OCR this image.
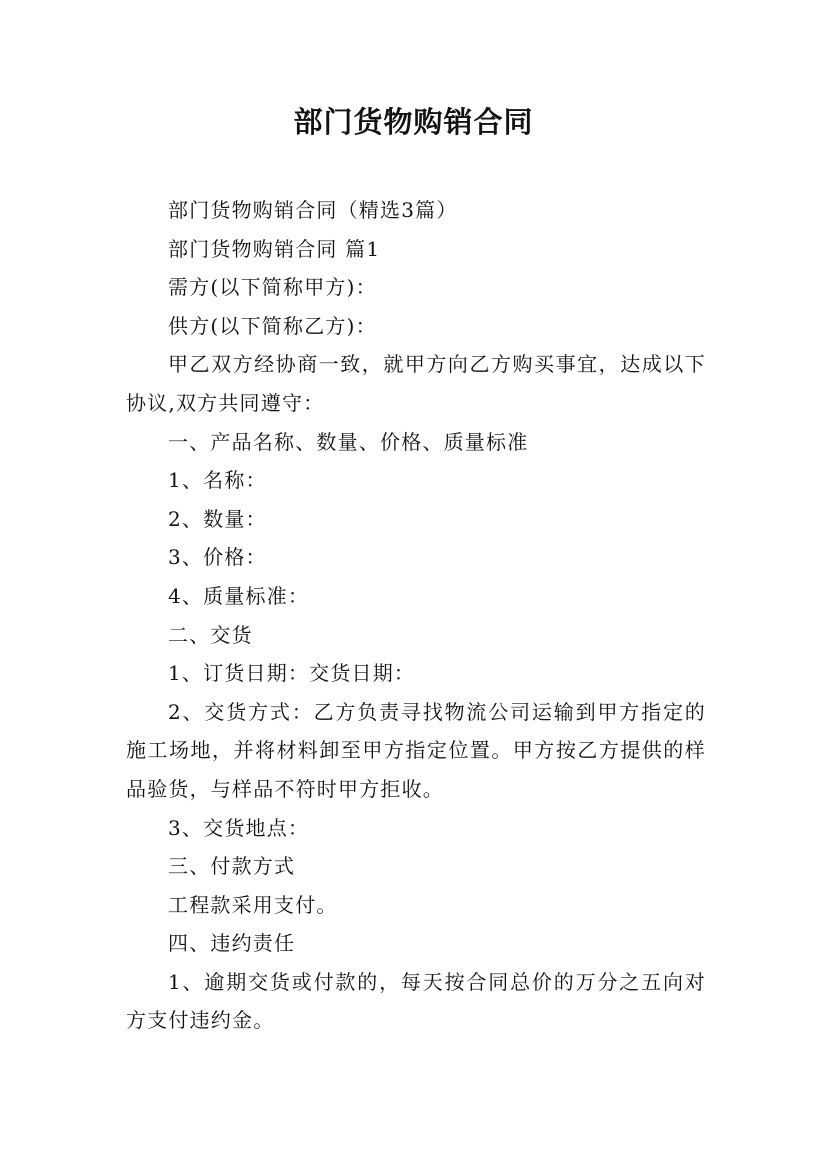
部门货物购销合同

部门货物购销合同（精选3篇）

部门货物购销合同 篇1

需方(以下简称甲方)：

供方(以下简称乙方)：

甲乙双方经协商一致，就甲方向乙方购买事宜，达成以下协议,双方共同遵守：

一、产品名称、数量、价格、质量标准

1、名称：

2、数量：

3、价格：

4、质量标准：

二、交货

1、订货日期：交货日期：

2、交货方式：乙方负责寻找物流公司运输到甲方指定的施工场地，并将材料卸至甲方指定位置。甲方按乙方提供的样品验货，与样品不符时甲方拒收。

3、交货地点：

三、付款方式

工程款采用支付。

四、违约责任

1、逾期交货或付款的，每天按合同总价的万分之五向对方支付违约金。
